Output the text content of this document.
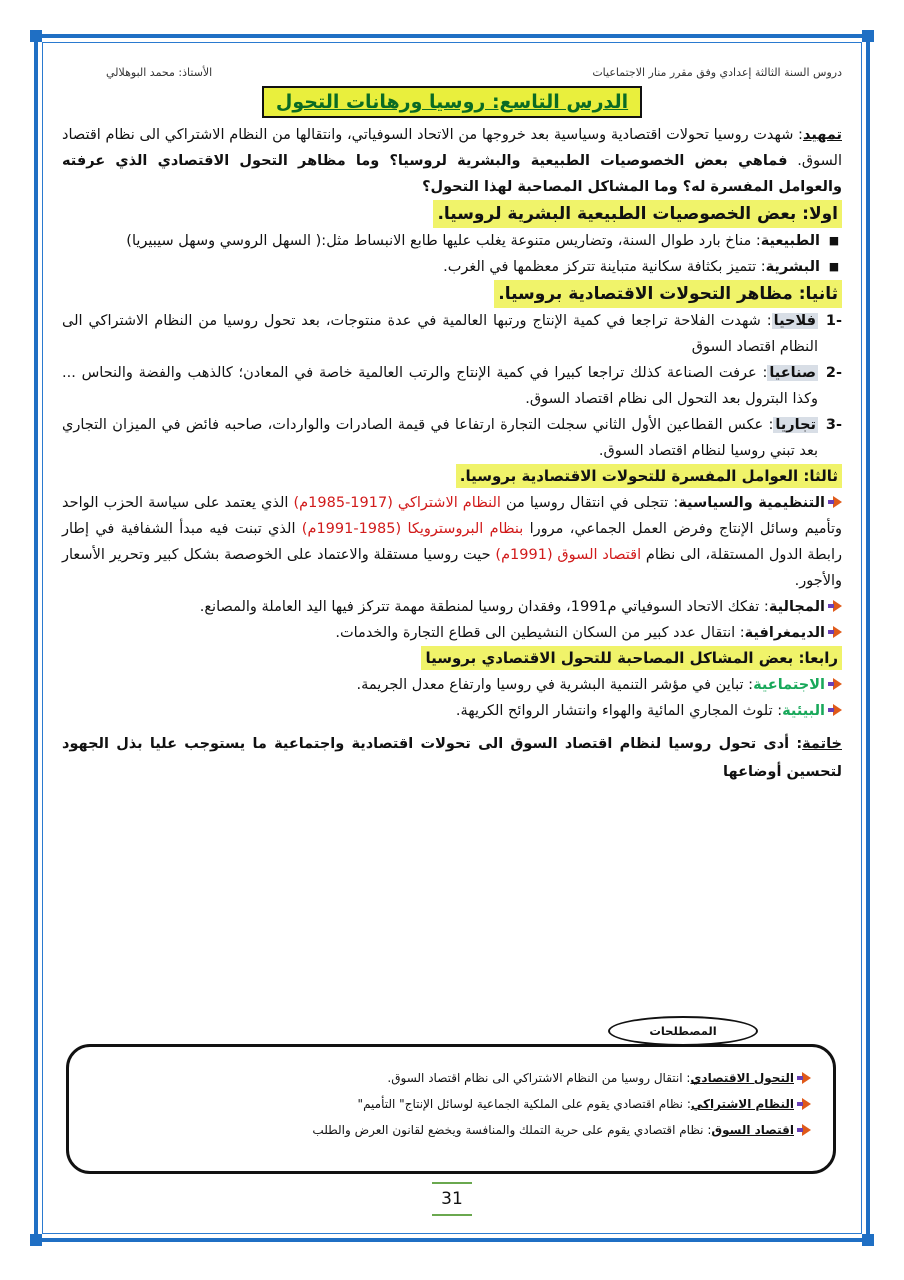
دروس السنة الثالثة إعدادي وفق مقرر منار الاجتماعيات
الأستاذ: محمد البوهلالي
الدرس التاسع: روسيا ورهانات التحول

تمهيد: شهدت روسيا تحولات اقتصادية وسياسية بعد خروجها من الاتحاد السوفياتي، وانتقالها من النظام الاشتراكي الى نظام اقتصاد السوق. فماهي بعض الخصوصيات الطبيعية والبشرية لروسيا؟ وما مظاهر التحول الاقتصادي الذي عرفته والعوامل المفسرة له؟ وما المشاكل المصاحبة لهذا التحول؟

اولا: بعض الخصوصيات الطبيعية البشرية لروسيا.
■

الطبيعية: مناخ بارد طوال السنة، وتضاريس متنوعة يغلب عليها طابع الانبساط مثل:( السهل الروسي وسهل سيبيريا)

■

البشرية: تتميز بكثافة سكانية متباينة تتركز معظمها في الغرب.

ثانيا: مظاهر التحولات الاقتصادية بروسيا.
-1

فلاحيا: شهدت الفلاحة تراجعا في كمية الإنتاج ورتبها العالمية في عدة منتوجات، بعد تحول روسيا من النظام الاشتراكي الى النظام اقتصاد السوق

-2

صناعيا: عرفت الصناعة كذلك تراجعا كبيرا في كمية الإنتاج والرتب العالمية خاصة في المعادن؛ كالذهب والفضة والنحاس ... وكذا البترول بعد التحول الى نظام اقتصاد السوق.

-3

تجاريا: عكس القطاعين الأول الثاني سجلت التجارة ارتفاعا في قيمة الصادرات والواردات، صاحبه فائض في الميزان التجاري بعد تبني روسيا لنظام اقتصاد السوق.

ثالثا: العوامل المفسرة للتحولات الاقتصادية بروسيا.

التنظيمية والسياسية: تتجلى في انتقال روسيا من النظام الاشتراكي (1917-1985م) الذي يعتمد على سياسة الحزب الواحد وتأميم وسائل الإنتاج وفرض العمل الجماعي، مرورا بنظام البروسترويكا (1985-1991م) الذي تبنت فيه مبدأ الشفافية في إطار رابطة الدول المستقلة، الى نظام اقتصاد السوق (1991م) حيت روسيا مستقلة والاعتماد على الخوصصة بشكل كبير وتحرير الأسعار والأجور.

المجالية: تفكك الاتحاد السوفياتي م1991، وفقدان روسيا لمنطقة مهمة تتركز فيها اليد العاملة والمصانع.

الديمغرافية: انتقال عدد كبير من السكان النشيطين الى قطاع التجارة والخدمات.

رابعا: بعض المشاكل المصاحبة للتحول الاقتصادي بروسيا

الاجتماعية: تباين في مؤشر التنمية البشرية في روسيا وارتفاع معدل الجريمة.

البيئية: تلوث المجاري المائية والهواء وانتشار الروائح الكريهة.

خاتمة: أدى تحول روسيا لنظام اقتصاد السوق الى تحولات اقتصادية واجتماعية ما يستوجب عليا بذل الجهود لتحسين أوضاعها

المصطلحات
التحول الاقتصادي: انتقال روسيا من النظام الاشتراكي الى نظام اقتصاد السوق.
النظام الاشتراكي: نظام اقتصادي يقوم على الملكية الجماعية لوسائل الإنتاج" التأميم"
اقتصاد السوق: نظام اقتصادي يقوم على حرية التملك والمنافسة ويخضع لقانون العرض والطلب
31
